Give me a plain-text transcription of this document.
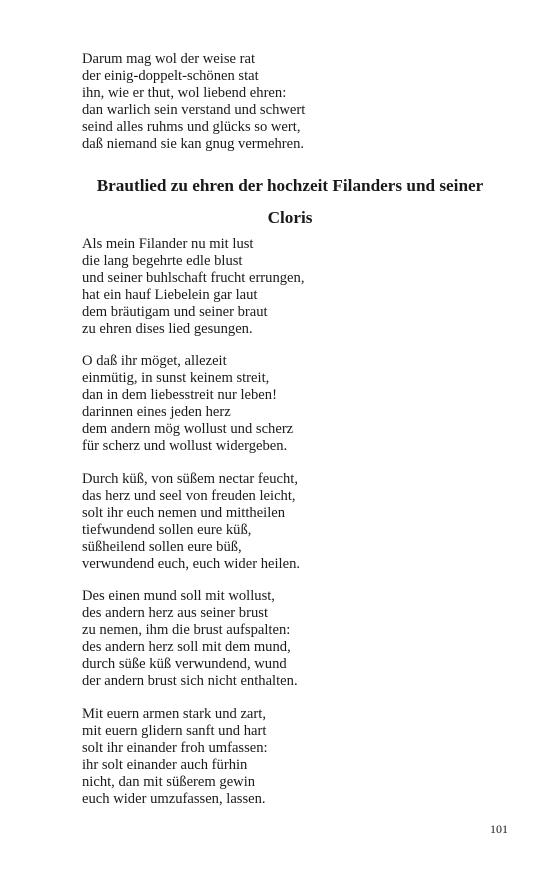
Darum mag wol der weise rat
der einig-doppelt-schönen stat
ihn, wie er thut, wol liebend ehren:
dan warlich sein verstand und schwert
seind alles ruhms und glücks so wert,
daß niemand sie kan gnug vermehren.
Brautlied zu ehren der hochzeit Filanders und seiner
Cloris
Als mein Filander nu mit lust
die lang begehrte edle blust
und seiner buhlschaft frucht errungen,
hat ein hauf Liebelein gar laut
dem bräutigam und seiner braut
zu ehren dises lied gesungen.
O daß ihr möget, allezeit
einmütig, in sunst keinem streit,
dan in dem liebesstreit nur leben!
darinnen eines jeden herz
dem andern mög wollust und scherz
für scherz und wollust widergeben.
Durch küß, von süßem nectar feucht,
das herz und seel von freuden leicht,
solt ihr euch nemen und mittheilen
tiefwundend sollen eure küß,
süßheilend sollen eure büß,
verwundend euch, euch wider heilen.
Des einen mund soll mit wollust,
des andern herz aus seiner brust
zu nemen, ihm die brust aufspalten:
des andern herz soll mit dem mund,
durch süße küß verwundend, wund
der andern brust sich nicht enthalten.
Mit euern armen stark und zart,
mit euern glidern sanft und hart
solt ihr einander froh umfassen:
ihr solt einander auch fürhin
nicht, dan mit süßerem gewin
euch wider umzufassen, lassen.
101
